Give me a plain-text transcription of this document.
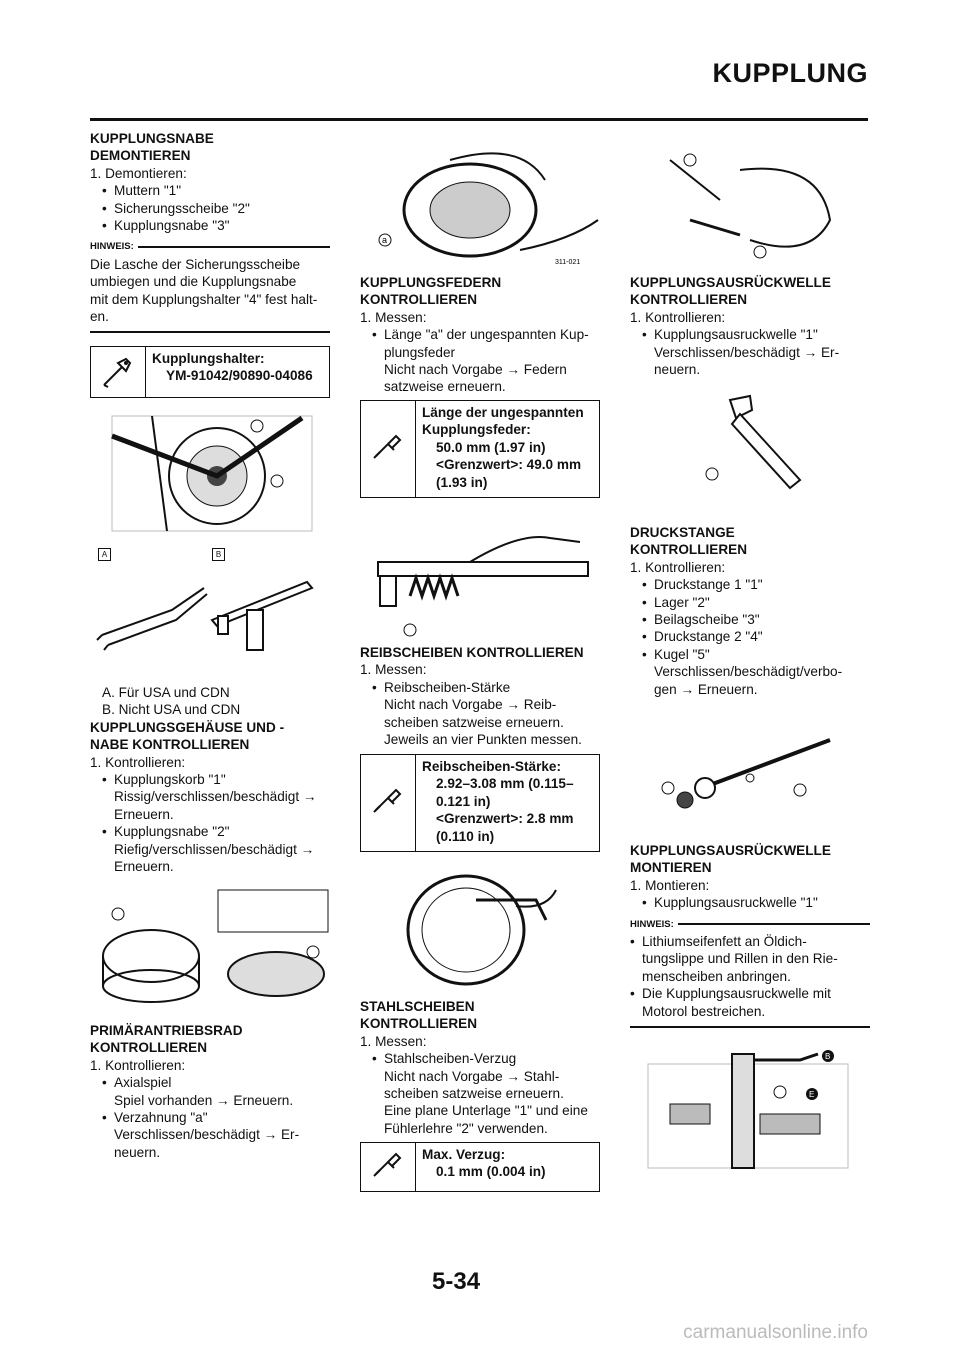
KUPPLUNG
KUPPLUNGSNABE
DEMONTIEREN
1. Demontieren:
• Muttern "1"
• Sicherungsscheibe "2"
• Kupplungsnabe "3"
HINWEIS:
Die Lasche der Sicherungsscheibe
umbiegen und die Kupplungsnabe
mit dem Kupplungshalter "4" fest halt-
en.
Kupplungshalter:
YM-91042/90890-04086
A	B
A. Für USA und CDN
B. Nicht USA und CDN
KUPPLUNGSGEHÄUSE UND -
NABE KONTROLLIEREN
1. Kontrollieren:
• Kupplungskorb "1"
Rissig/verschlissen/beschädigt →
Erneuern.
• Kupplungsnabe "2"
Riefig/verschlissen/beschädigt →
Erneuern.
PRIMÄRANTRIEBSRAD
KONTROLLIEREN
1. Kontrollieren:
• Axialspiel
Spiel vorhanden → Erneuern.
• Verzahnung "a"
Verschlissen/beschädigt → Er-
neuern.
a
311-021
KUPPLUNGSFEDERN
KONTROLLIEREN
1. Messen:
• Länge "a" der ungespannten Kup-
plungsfeder
Nicht nach Vorgabe → Federn
satzweise erneuern.
Länge der ungespannten
Kupplungsfeder:
50.0 mm (1.97 in)
<Grenzwert>: 49.0 mm
(1.93 in)
REIBSCHEIBEN KONTROLLIEREN
1. Messen:
• Reibscheiben-Stärke
Nicht nach Vorgabe → Reib-
scheiben satzweise erneuern.
Jeweils an vier Punkten messen.
Reibscheiben-Stärke:
2.92–3.08 mm (0.115–
0.121 in)
<Grenzwert>: 2.8 mm
(0.110 in)
STAHLSCHEIBEN
KONTROLLIEREN
1. Messen:
• Stahlscheiben-Verzug
Nicht nach Vorgabe → Stahl-
scheiben satzweise erneuern.
Eine plane Unterlage "1" und eine
Fühlerlehre "2" verwenden.
Max. Verzug:
0.1 mm (0.004 in)
KUPPLUNGSAUSRÜCKWELLE
KONTROLLIEREN
1. Kontrollieren:
• Kupplungsausruckwelle "1"
Verschlissen/beschädigt → Er-
neuern.
DRUCKSTANGE
KONTROLLIEREN
1. Kontrollieren:
• Druckstange 1 "1"
• Lager "2"
• Beilagscheibe "3"
• Druckstange 2 "4"
• Kugel "5"
Verschlissen/beschädigt/verbo-
gen → Erneuern.
KUPPLUNGSAUSRÜCKWELLE
MONTIEREN
1. Montieren:
• Kupplungsausruckwelle "1"
HINWEIS:
• Lithiumseifenfett an Öldich-
tungslippe und Rillen in den Rie-
menscheiben anbringen.
• Die Kupplungsausruckwelle mit
Motorol bestreichen.
E
B
5-34
carmanualsonline.info
